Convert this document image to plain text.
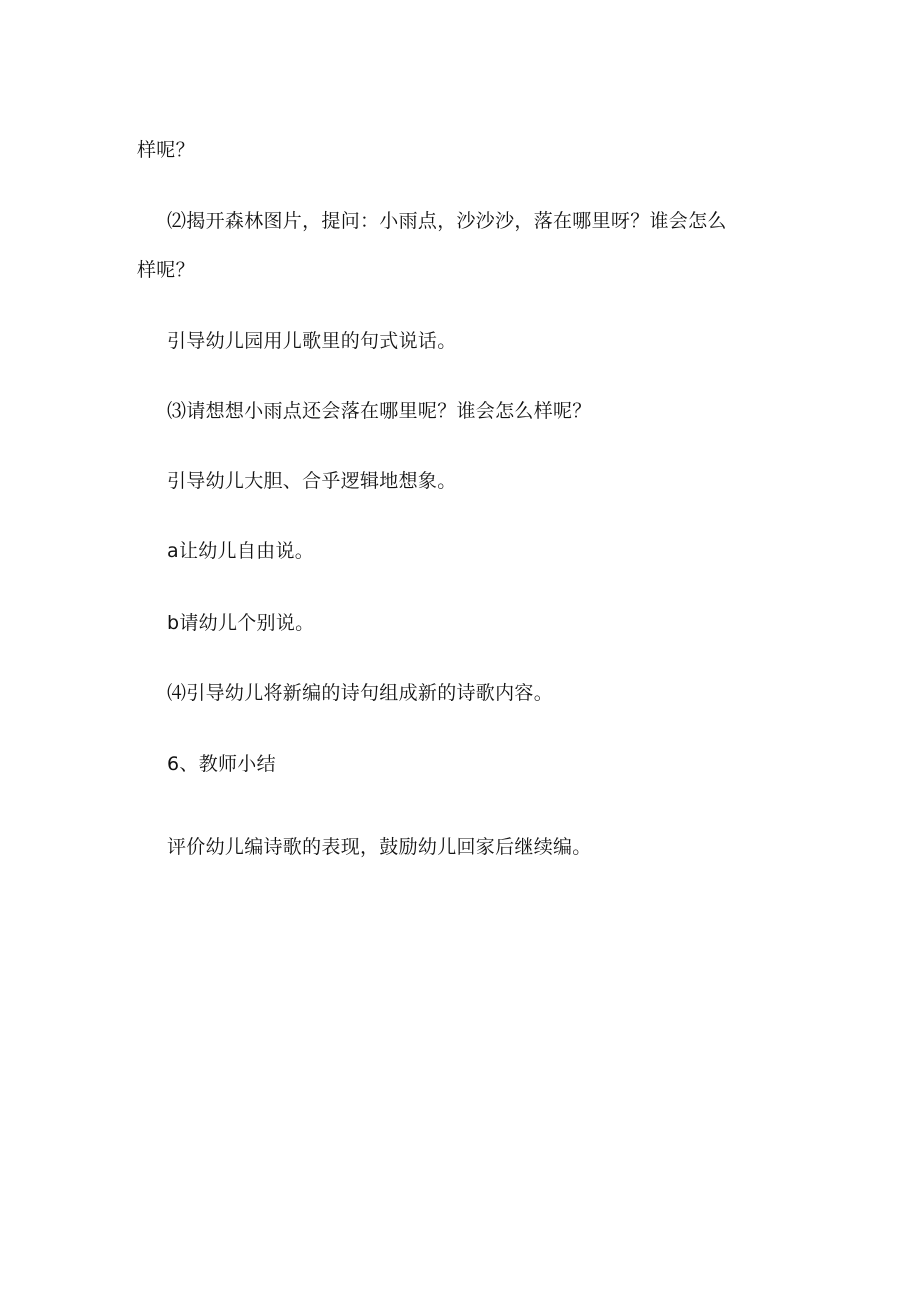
样呢？
⑵揭开森林图片，提问：小雨点，沙沙沙，落在哪里呀？谁会怎么
样呢？
引导幼儿园用儿歌里的句式说话。
⑶请想想小雨点还会落在哪里呢？谁会怎么样呢？
引导幼儿大胆、合乎逻辑地想象。
a让幼儿自由说。
b请幼儿个别说。
⑷引导幼儿将新编的诗句组成新的诗歌内容。
6、教师小结
评价幼儿编诗歌的表现，鼓励幼儿回家后继续编。
